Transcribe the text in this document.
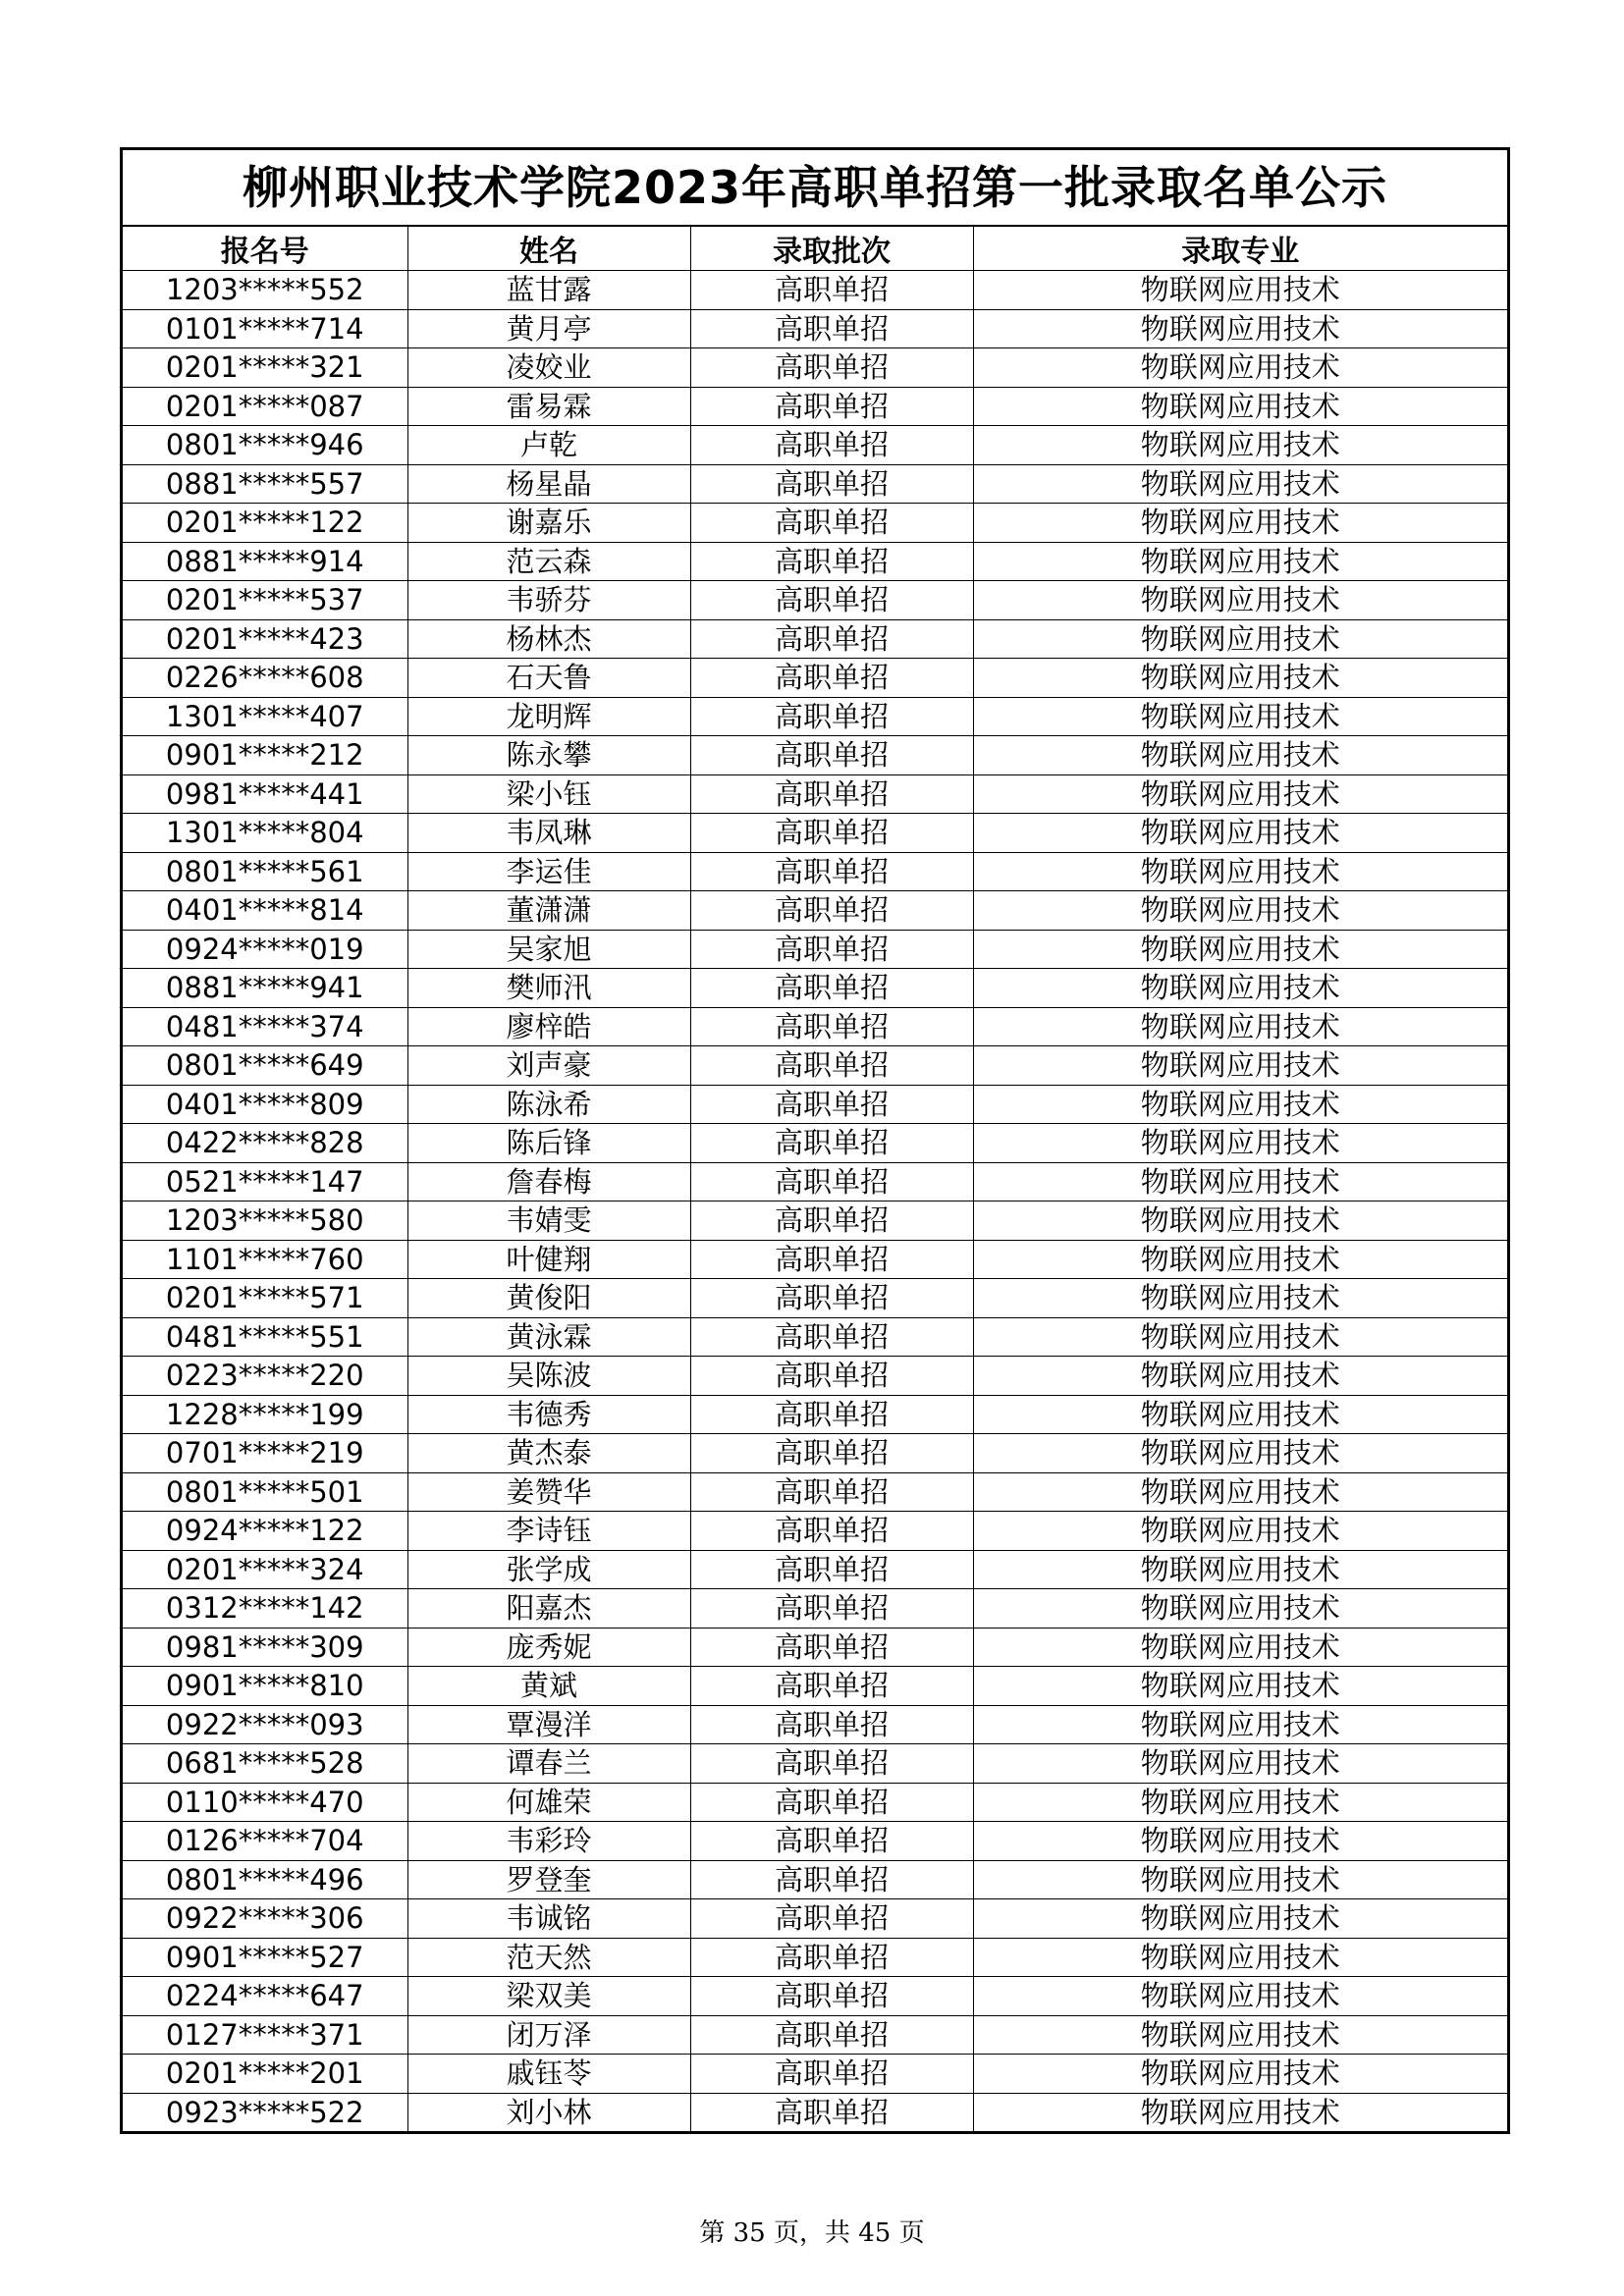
柳州职业技术学院2023年高职单招第一批录取名单公示
报名号	姓名	录取批次	录取专业
1203*****552	蓝甘露	高职单招	物联网应用技术
0101*****714	黄月亭	高职单招	物联网应用技术
0201*****321	凌姣业	高职单招	物联网应用技术
0201*****087	雷易霖	高职单招	物联网应用技术
0801*****946	卢乾	高职单招	物联网应用技术
0881*****557	杨星晶	高职单招	物联网应用技术
0201*****122	谢嘉乐	高职单招	物联网应用技术
0881*****914	范云森	高职单招	物联网应用技术
0201*****537	韦骄芬	高职单招	物联网应用技术
0201*****423	杨林杰	高职单招	物联网应用技术
0226*****608	石天鲁	高职单招	物联网应用技术
1301*****407	龙明辉	高职单招	物联网应用技术
0901*****212	陈永攀	高职单招	物联网应用技术
0981*****441	梁小钰	高职单招	物联网应用技术
1301*****804	韦凤琳	高职单招	物联网应用技术
0801*****561	李运佳	高职单招	物联网应用技术
0401*****814	董潇潇	高职单招	物联网应用技术
0924*****019	吴家旭	高职单招	物联网应用技术
0881*****941	樊师汛	高职单招	物联网应用技术
0481*****374	廖梓皓	高职单招	物联网应用技术
0801*****649	刘声豪	高职单招	物联网应用技术
0401*****809	陈泳希	高职单招	物联网应用技术
0422*****828	陈后锋	高职单招	物联网应用技术
0521*****147	詹春梅	高职单招	物联网应用技术
1203*****580	韦婧雯	高职单招	物联网应用技术
1101*****760	叶健翔	高职单招	物联网应用技术
0201*****571	黄俊阳	高职单招	物联网应用技术
0481*****551	黄泳霖	高职单招	物联网应用技术
0223*****220	吴陈波	高职单招	物联网应用技术
1228*****199	韦德秀	高职单招	物联网应用技术
0701*****219	黄杰泰	高职单招	物联网应用技术
0801*****501	姜赞华	高职单招	物联网应用技术
0924*****122	李诗钰	高职单招	物联网应用技术
0201*****324	张学成	高职单招	物联网应用技术
0312*****142	阳嘉杰	高职单招	物联网应用技术
0981*****309	庞秀妮	高职单招	物联网应用技术
0901*****810	黄斌	高职单招	物联网应用技术
0922*****093	覃漫洋	高职单招	物联网应用技术
0681*****528	谭春兰	高职单招	物联网应用技术
0110*****470	何雄荣	高职单招	物联网应用技术
0126*****704	韦彩玲	高职单招	物联网应用技术
0801*****496	罗登奎	高职单招	物联网应用技术
0922*****306	韦诚铭	高职单招	物联网应用技术
0901*****527	范天然	高职单招	物联网应用技术
0224*****647	梁双美	高职单招	物联网应用技术
0127*****371	闭万泽	高职单招	物联网应用技术
0201*****201	戚钰苓	高职单招	物联网应用技术
0923*****522	刘小林	高职单招	物联网应用技术
第 35 页，共 45 页
